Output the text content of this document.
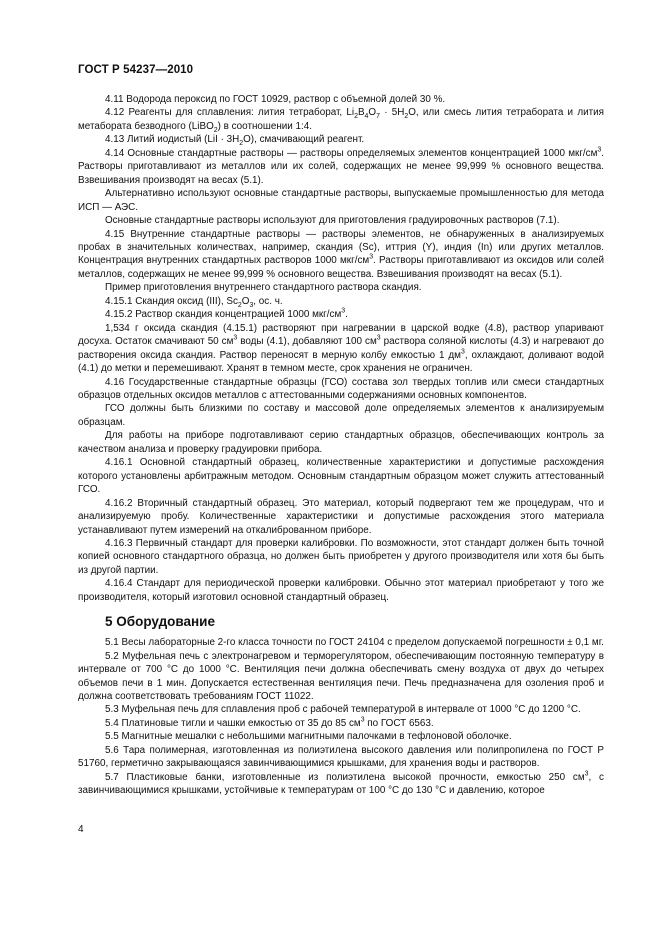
ГОСТ Р 54237—2010

4.11 Водорода пероксид по ГОСТ 10929, раствор с объемной долей 30 %.

4.12 Реагенты для сплавления: лития тетраборат, $Li_2B_4O_7 \cdot 5H_2O$, или смесь лития тетрабората и лития метабората безводного (LiBO$_2$) в соотношении 1:4.

4.13 Литий иодистый $(LiI \cdot 3H_2O)$, смачивающий реагент.

4.14 Основные стандартные растворы — растворы определяемых элементов концентрацией 1000 мкг/$см^3$. Растворы приготавливают из металлов или их солей, содержащих не менее 99,999 % основного вещества. Взвешивания производят на весах (5.1).

Альтернативно используют основные стандартные растворы, выпускаемые промышленностью для метода ИСП — АЭС.

Основные стандартные растворы используют для приготовления градуировочных растворов (7.1).

4.15 Внутренние стандартные растворы — растворы элементов, не обнаруженных в анализируемых пробах в значительных количествах, например, скандия (Sc), иттрия (Y), индия (In) или других металлов. Концентрация внутренних стандартных растворов 1000 мкг/$см^3$. Растворы приготавливают из оксидов или солей металлов, содержащих не менее 99,999 % основного вещества. Взвешивания производят на весах (5.1).

Пример приготовления внутреннего стандартного раствора скандия.

4.15.1 Скандия оксид (III), $Sc_2O_3$, ос. ч.

4.15.2 Раствор скандия концентрацией 1000 мкг/$см^3$.

1,534 г оксида скандия (4.15.1) растворяют при нагревании в царской водке (4.8), раствор упаривают досуха. Остаток смачивают 50 $см^3$ воды (4.1), добавляют 100 $см^3$ раствора соляной кислоты (4.3) и нагревают до растворения оксида скандия. Раствор переносят в мерную колбу емкостью 1 $дм^3$, охлаждают, доливают водой (4.1) до метки и перемешивают. Хранят в темном месте, срок хранения не ограничен.

4.16 Государственные стандартные образцы (ГСО) состава зол твердых топлив или смеси стандартных образцов отдельных оксидов металлов с аттестованными содержаниями основных компонентов.

ГСО должны быть близкими по составу и массовой доле определяемых элементов к анализируемым образцам.

Для работы на приборе подготавливают серию стандартных образцов, обеспечивающих контроль за качеством анализа и проверку градуировки прибора.

4.16.1 Основной стандартный образец, количественные характеристики и допустимые расхождения которого установлены арбитражным методом. Основным стандартным образцом может служить аттестованный ГСО.

4.16.2 Вторичный стандартный образец. Это материал, который подвергают тем же процедурам, что и анализируемую пробу. Количественные характеристики и допустимые расхождения этого материала устанавливают путем измерений на откалиброванном приборе.

4.16.3 Первичный стандарт для проверки калибровки. По возможности, этот стандарт должен быть точной копией основного стандартного образца, но должен быть приобретен у другого производителя или хотя бы быть из другой партии.

4.16.4 Стандарт для периодической проверки калибровки. Обычно этот материал приобретают у того же производителя, который изготовил основной стандартный образец.

5 Оборудование

5.1 Весы лабораторные 2-го класса точности по ГОСТ 24104 с пределом допускаемой погрешности ± 0,1 мг.

5.2 Муфельная печь с электронагревом и терморегулятором, обеспечивающим постоянную температуру в интервале от 700 °С до 1000 °С. Вентиляция печи должна обеспечивать смену воздуха от двух до четырех объемов печи в 1 мин. Допускается естественная вентиляция печи. Печь предназначена для озоления проб и должна соответствовать требованиям ГОСТ 11022.

5.3 Муфельная печь для сплавления проб с рабочей температурой в интервале от 1000 °С до 1200 °С.

5.4 Платиновые тигли и чашки емкостью от 35 до 85 $см^3$ по ГОСТ 6563.

5.5 Магнитные мешалки с небольшими магнитными палочками в тефлоновой оболочке.

5.6 Тара полимерная, изготовленная из полиэтилена высокого давления или полипропилена по ГОСТ Р 51760, герметично закрывающаяся завинчивающимися крышками, для хранения воды и растворов.

5.7 Пластиковые банки, изготовленные из полиэтилена высокой прочности, емкостью 250 $см^3$, с завинчивающимися крышками, устойчивые к температурам от 100 °С до 130 °С и давлению, которое

4
